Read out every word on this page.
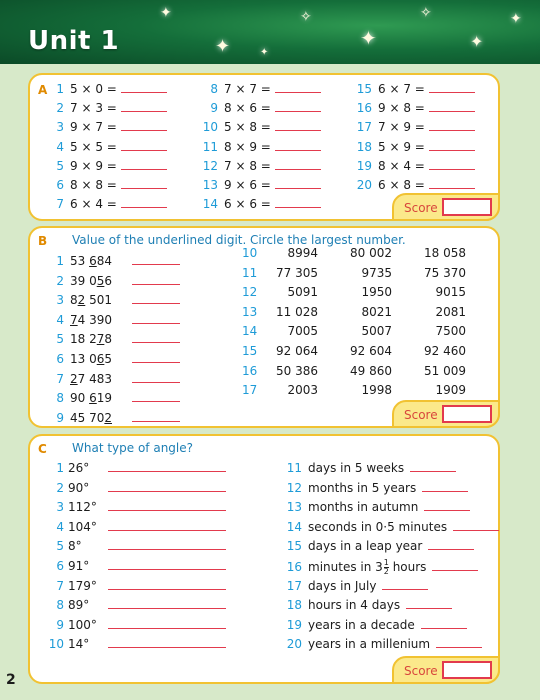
✦
✦
✧
✦
✧
✦
✦
✦
Unit 1
A 1 5 × 0 =
2 7 × 3 =
3 9 × 7 =
4 5 × 5 =
5 9 × 9 =
6 8 × 8 =
7 6 × 4 =
8 7 × 7 =
9 8 × 6 =
10 5 × 8 =
11 8 × 9 =
12 7 × 8 =
13 9 × 6 =
14 6 × 6 =
15 6 × 7 =
16 9 × 8 =
17 7 × 9 =
18 5 × 9 =
19 8 × 4 =
20 6 × 8 =
Score
B Value of the underlined digit. Circle the largest number.
1 53 684
2 39 056
3 82 501
4 74 390
5 18 278
6 13 065
7 27 483
8 90 619
9 45 702
10	8994	80 002	18 058
11 77 305	9735	75 370
12	5091	1950	9015
13 11 028	8021	2081
14	7005	5007	7500
15 92 064	92 604	92 460
16 50 386	49 860	51 009
17	2003	1998	1909
Score
C What type of angle?
1 26°
2 90°
3 112°
4 104°
5 8°
6 91°
7 179°
8 89°
9 100°
10 14°
11 days in 5 weeks
12 months in 5 years
13 months in autumn
14 seconds in 0·5 minutes
15 days in a leap year
16 minutes in $3 \frac{1}{2}$ hours
17 days in July
18 hours in 4 days
19 years in a decade
20 years in a millenium
Score
2
